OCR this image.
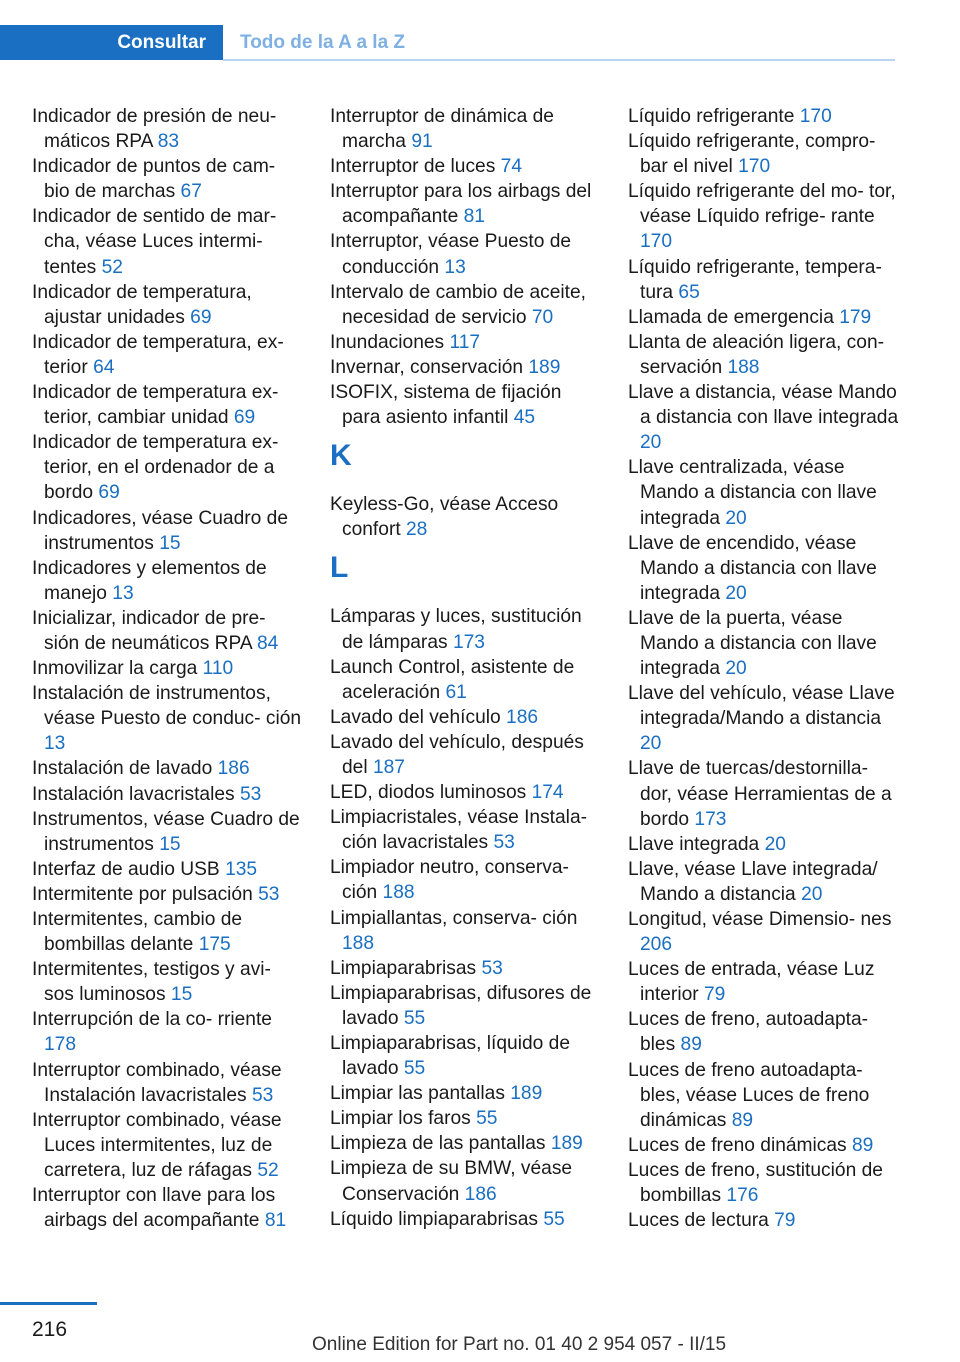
Consultar	Todo de la A a la Z
Indicador de presión de neu‐ máticos RPA 83
Indicador de puntos de cam‐ bio de marchas 67
Indicador de sentido de mar‐ cha, véase Luces intermi‐ tentes 52
Indicador de temperatura, ajustar unidades 69
Indicador de temperatura, ex‐ terior 64
Indicador de temperatura ex‐ terior, cambiar unidad 69
Indicador de temperatura ex‐ terior, en el ordenador de a bordo 69
Indicadores, véase Cuadro de instrumentos 15
Indicadores y elementos de manejo 13
Inicializar, indicador de pre‐ sión de neumáticos RPA 84
Inmovilizar la carga 110
Instalación de instrumentos, véase Puesto de conduc‐ ción 13
Instalación de lavado 186
Instalación lavacristales 53
Instrumentos, véase Cuadro de instrumentos 15
Interfaz de audio USB 135
Intermitente por pulsación 53
Intermitentes, cambio de bombillas delante 175
Intermitentes, testigos y avi‐ sos luminosos 15
Interrupción de la co‐ rriente 178
Interruptor combinado, véase Instalación lavacristales 53
Interruptor combinado, véase Luces intermitentes, luz de carretera, luz de ráfagas 52
Interruptor con llave para los airbags del acompañante 81
Interruptor de dinámica de marcha 91
Interruptor de luces 74
Interruptor para los airbags del acompañante 81
Interruptor, véase Puesto de conducción 13
Intervalo de cambio de aceite, necesidad de servicio 70
Inundaciones 117
Invernar, conservación 189
ISOFIX, sistema de fijación para asiento infantil 45
K
Keyless-Go, véase Acceso confort 28
L
Lámparas y luces, sustitución de lámparas 173
Launch Control, asistente de aceleración 61
Lavado del vehículo 186
Lavado del vehículo, después del 187
LED, diodos luminosos 174
Limpiacristales, véase Instala‐ ción lavacristales 53
Limpiador neutro, conserva‐ ción 188
Limpiallantas, conserva‐ ción 188
Limpiaparabrisas 53
Limpiaparabrisas, difusores de lavado 55
Limpiaparabrisas, líquido de lavado 55
Limpiar las pantallas 189
Limpiar los faros 55
Limpieza de las pantallas 189
Limpieza de su BMW, véase Conservación 186
Líquido limpiaparabrisas 55
Líquido refrigerante 170
Líquido refrigerante, compro‐ bar el nivel 170
Líquido refrigerante del mo‐ tor, véase Líquido refrige‐ rante 170
Líquido refrigerante, tempera‐ tura 65
Llamada de emergencia 179
Llanta de aleación ligera, con‐ servación 188
Llave a distancia, véase Mando a distancia con llave integrada 20
Llave centralizada, véase Mando a distancia con llave integrada 20
Llave de encendido, véase Mando a distancia con llave integrada 20
Llave de la puerta, véase Mando a distancia con llave integrada 20
Llave del vehículo, véase Llave integrada/Mando a distancia 20
Llave de tuercas/destornilla‐ dor, véase Herramientas de a bordo 173
Llave integrada 20
Llave, véase Llave integrada/ Mando a distancia 20
Longitud, véase Dimensio‐ nes 206
Luces de entrada, véase Luz interior 79
Luces de freno, autoadapta‐ bles 89
Luces de freno autoadapta‐ bles, véase Luces de freno dinámicas 89
Luces de freno dinámicas 89
Luces de freno, sustitución de bombillas 176
Luces de lectura 79
216
Online Edition for Part no. 01 40 2 954 057 - II/15
